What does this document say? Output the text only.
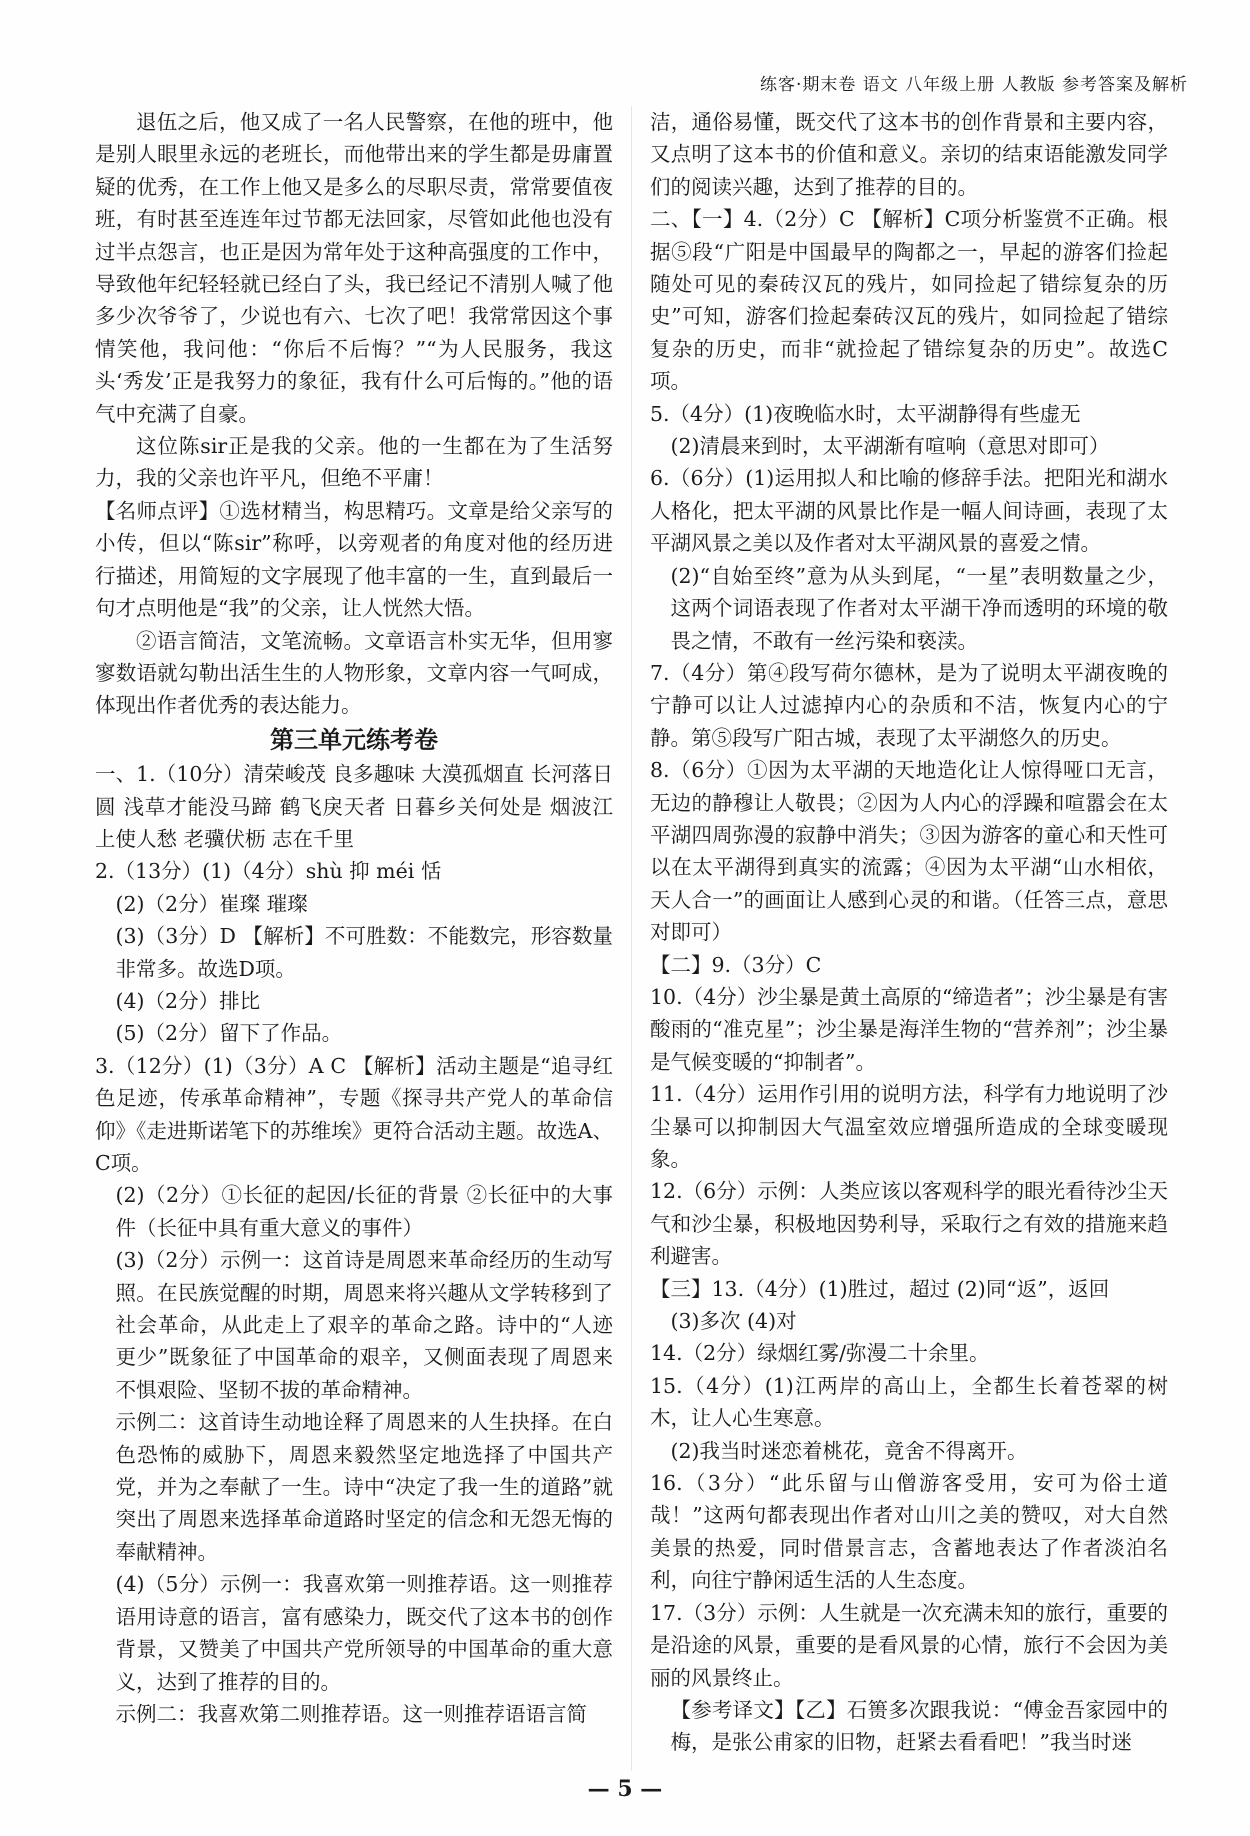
练客·期末卷 语文 八年级上册 人教版 参考答案及解析

退伍之后，他又成了一名人民警察，在他的班中，他是别人眼里永远的老班长，而他带出来的学生都是毋庸置疑的优秀，在工作上他又是多么的尽职尽责，常常要值夜班，有时甚至连连年过节都无法回家，尽管如此他也没有过半点怨言，也正是因为常年处于这种高强度的工作中，导致他年纪轻轻就已经白了头，我已经记不清别人喊了他多少次爷爷了，少说也有六、七次了吧！我常常因这个事情笑他，我问他：“你后不后悔？”“为人民服务，我这头‘秀发’正是我努力的象征，我有什么可后悔的。”他的语气中充满了自豪。

这位陈sir正是我的父亲。他的一生都在为了生活努力，我的父亲也许平凡，但绝不平庸！

【名师点评】①选材精当，构思精巧。文章是给父亲写的小传，但以“陈sir”称呼，以旁观者的角度对他的经历进行描述，用简短的文字展现了他丰富的一生，直到最后一句才点明他是“我”的父亲，让人恍然大悟。

②语言简洁，文笔流畅。文章语言朴实无华，但用寥寥数语就勾勒出活生生的人物形象，文章内容一气呵成，体现出作者优秀的表达能力。

第三单元练考卷

一、1.（10分）清荣峻茂 良多趣味 大漠孤烟直 长河落日圆 浅草才能没马蹄 鹤飞戾天者 日暮乡关何处是 烟波江上使人愁 老骥伏枥 志在千里

2.（13分）(1)（4分）shù 抑 méi 恬

(2)（2分）崔璨 璀璨

(3)（3分）D 【解析】不可胜数：不能数完，形容数量非常多。故选D项。

(4)（2分）排比

(5)（2分）留下了作品。

3.（12分）(1)（3分）A C 【解析】活动主题是“追寻红色足迹，传承革命精神”，专题《探寻共产党人的革命信仰》《走进斯诺笔下的苏维埃》更符合活动主题。故选A、C项。

(2)（2分）①长征的起因/长征的背景 ②长征中的大事件（长征中具有重大意义的事件）

(3)（2分）示例一：这首诗是周恩来革命经历的生动写照。在民族觉醒的时期，周恩来将兴趣从文学转移到了社会革命，从此走上了艰辛的革命之路。诗中的“人迹更少”既象征了中国革命的艰辛，又侧面表现了周恩来不惧艰险、坚韧不拔的革命精神。

示例二：这首诗生动地诠释了周恩来的人生抉择。在白色恐怖的威胁下，周恩来毅然坚定地选择了中国共产党，并为之奉献了一生。诗中“决定了我一生的道路”就突出了周恩来选择革命道路时坚定的信念和无怨无悔的奉献精神。

(4)（5分）示例一：我喜欢第一则推荐语。这一则推荐语用诗意的语言，富有感染力，既交代了这本书的创作背景，又赞美了中国共产党所领导的中国革命的重大意义，达到了推荐的目的。

示例二：我喜欢第二则推荐语。这一则推荐语语言简

洁，通俗易懂，既交代了这本书的创作背景和主要内容，又点明了这本书的价值和意义。亲切的结束语能激发同学们的阅读兴趣，达到了推荐的目的。

二、【一】4.（2分）C 【解析】C项分析鉴赏不正确。根据⑤段“广阳是中国最早的陶都之一，早起的游客们捡起随处可见的秦砖汉瓦的残片，如同捡起了错综复杂的历史”可知，游客们捡起秦砖汉瓦的残片，如同捡起了错综复杂的历史，而非“就捡起了错综复杂的历史”。故选C项。

5.（4分）(1)夜晚临水时，太平湖静得有些虚无

(2)清晨来到时，太平湖渐有喧响（意思对即可）

6.（6分）(1)运用拟人和比喻的修辞手法。把阳光和湖水人格化，把太平湖的风景比作是一幅人间诗画，表现了太平湖风景之美以及作者对太平湖风景的喜爱之情。

(2)“自始至终”意为从头到尾，“一星”表明数量之少，这两个词语表现了作者对太平湖干净而透明的环境的敬畏之情，不敢有一丝污染和亵渎。

7.（4分）第④段写荷尔德林，是为了说明太平湖夜晚的宁静可以让人过滤掉内心的杂质和不洁，恢复内心的宁静。第⑤段写广阳古城，表现了太平湖悠久的历史。

8.（6分）①因为太平湖的天地造化让人惊得哑口无言，无边的静穆让人敬畏；②因为人内心的浮躁和喧嚣会在太平湖四周弥漫的寂静中消失；③因为游客的童心和天性可以在太平湖得到真实的流露；④因为太平湖“山水相依，天人合一”的画面让人感到心灵的和谐。（任答三点，意思对即可）

【二】9.（3分）C

10.（4分）沙尘暴是黄土高原的“缔造者”；沙尘暴是有害酸雨的“准克星”；沙尘暴是海洋生物的“营养剂”；沙尘暴是气候变暖的“抑制者”。

11.（4分）运用作引用的说明方法，科学有力地说明了沙尘暴可以抑制因大气温室效应增强所造成的全球变暖现象。

12.（6分）示例：人类应该以客观科学的眼光看待沙尘天气和沙尘暴，积极地因势利导，采取行之有效的措施来趋利避害。

【三】13.（4分）(1)胜过，超过 (2)同“返”，返回

(3)多次 (4)对

14.（2分）绿烟红雾/弥漫二十余里。

15.（4分）(1)江两岸的高山上，全都生长着苍翠的树木，让人心生寒意。

(2)我当时迷恋着桃花，竟舍不得离开。

16.（3分）“此乐留与山僧游客受用，安可为俗士道哉！”这两句都表现出作者对山川之美的赞叹，对大自然美景的热爱，同时借景言志，含蓄地表达了作者淡泊名利，向往宁静闲适生活的人生态度。

17.（3分）示例：人生就是一次充满未知的旅行，重要的是沿途的风景，重要的是看风景的心情，旅行不会因为美丽的风景终止。

【参考译文】【乙】石篑多次跟我说：“傅金吾家园中的梅，是张公甫家的旧物，赶紧去看看吧！”我当时迷

— 5 —
